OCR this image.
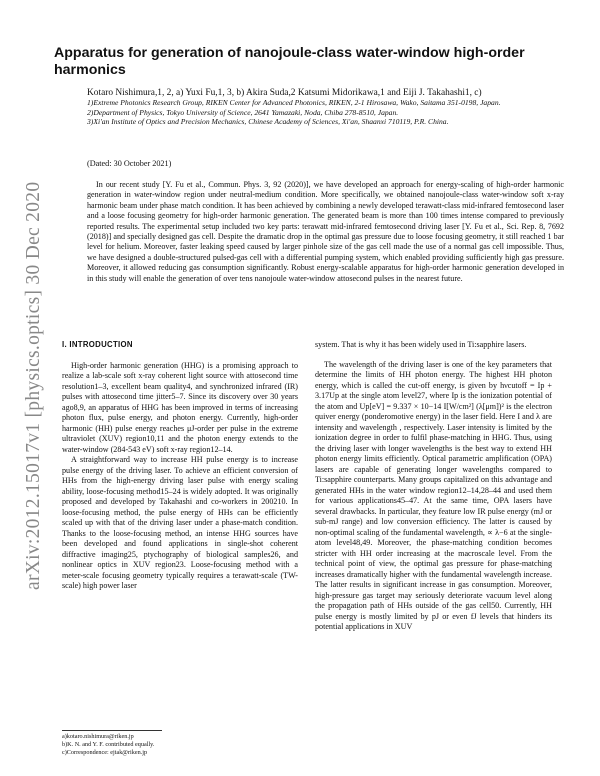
arXiv:2012.15017v1 [physics.optics] 30 Dec 2020
Apparatus for generation of nanojoule-class water-window high-order harmonics
Kotaro Nishimura,1, 2, a) Yuxi Fu,1, 3, b) Akira Suda,2 Katsumi Midorikawa,1 and Eiji J. Takahashi1, c)

1)Extreme Photonics Research Group, RIKEN Center for Advanced Photonics, RIKEN, 2-1 Hirosawa, Wako, Saitama 351-0198, Japan.

2)Department of Physics, Tokyo University of Science, 2641 Yamazaki, Noda, Chiba 278-8510, Japan.

3)Xi'an Institute of Optics and Precision Mechanics, Chinese Academy of Sciences, Xi'an, Shaanxi 710119, P.R. China.

(Dated: 30 October 2021)

In our recent study [Y. Fu et al., Commun. Phys. 3, 92 (2020)], we have developed an approach for energy-scaling of high-order harmonic generation in water-window region under neutral-medium condition. More specifically, we obtained nanojoule-class water-window soft x-ray harmonic beam under phase match condition. It has been achieved by combining a newly developed terawatt-class mid-infrared femtosecond laser and a loose focusing geometry for high-order harmonic generation. The generated beam is more than 100 times intense compared to previously reported results. The experimental setup included two key parts: terawatt mid-infrared femtosecond driving laser [Y. Fu et al., Sci. Rep. 8, 7692 (2018)] and specially designed gas cell. Despite the dramatic drop in the optimal gas pressure due to loose focusing geometry, it still reached 1 bar level for helium. Moreover, faster leaking speed caused by larger pinhole size of the gas cell made the use of a normal gas cell impossible. Thus, we have designed a double-structured pulsed-gas cell with a differential pumping system, which enabled providing sufficiently high gas pressure. Moreover, it allowed reducing gas consumption significantly. Robust energy-scalable apparatus for high-order harmonic generation developed in in this study will enable the generation of over tens nanojoule water-window attosecond pulses in the nearest future.

I. INTRODUCTION

High-order harmonic generation (HHG) is a promising approach to realize a lab-scale soft x-ray coherent light source with attosecond time resolution1–3, excellent beam quality4, and synchronized infrared (IR) pulses with attosecond time jitter5–7. Since its discovery over 30 years ago8,9, an apparatus of HHG has been improved in terms of increasing photon flux, pulse energy, and photon energy. Currently, high-order harmonic (HH) pulse energy reaches μJ-order per pulse in the extreme ultraviolet (XUV) region10,11 and the photon energy extends to the water-window (284-543 eV) soft x-ray region12–14.

A straightforward way to increase HH pulse energy is to increase pulse energy of the driving laser. To achieve an efficient conversion of HHs from the high-energy driving laser pulse with energy scaling ability, loose-focusing method15–24 is widely adopted. It was originally proposed and developed by Takahashi and co-workers in 200210. In loose-focusing method, the pulse energy of HHs can be efficiently scaled up with that of the driving laser under a phase-match condition. Thanks to the loose-focusing method, an intense HHG sources have been developed and found applications in single-shot coherent diffractive imaging25, ptychography of biological samples26, and nonlinear optics in XUV region23. Loose-focusing method with a meter-scale focusing geometry typically requires a terawatt-scale (TW-scale) high power laser

system. That is why it has been widely used in Ti:sapphire lasers.

The wavelength of the driving laser is one of the key parameters that determine the limits of HH photon energy. The highest HH photon energy, which is called the cut-off energy, is given by hνcutoff = Ip + 3.17Up at the single atom level27, where Ip is the ionization potential of the atom and Up[eV] = 9.337 × 10−14 I[W/cm²] (λ[μm])² is the electron quiver energy (ponderomotive energy) in the laser field. Here I and λ are intensity and wavelength , respectively. Laser intensity is limited by the ionization degree in order to fulfil phase-matching in HHG. Thus, using the driving laser with longer wavelengths is the best way to extend HH photon energy limits efficiently. Optical parametric amplification (OPA) lasers are capable of generating longer wavelengths compared to Ti:sapphire counterparts. Many groups capitalized on this advantage and generated HHs in the water window region12–14,28–44 and used them for various applications45–47. At the same time, OPA lasers have several drawbacks. In particular, they feature low IR pulse energy (mJ or sub-mJ range) and low conversion efficiency. The latter is caused by non-optimal scaling of the fundamental wavelength, ∝ λ−6 at the single-atom level48,49. Moreover, the phase-matching condition becomes stricter with HH order increasing at the macroscale level. From the technical point of view, the optimal gas pressure for phase-matching increases dramatically higher with the fundamental wavelength increase. The latter results in significant increase in gas consumption. Moreover, high-pressure gas target may seriously deteriorate vacuum level along the propagation path of HHs outside of the gas cell50. Currently, HH pulse energy is mostly limited by pJ or even fJ levels that hinders its potential applications in XUV

a)kotaro.nishimura@riken.jp
b)K. N. and Y. F. contributed equally.
c)Correspondence: ejtak@riken.jp
